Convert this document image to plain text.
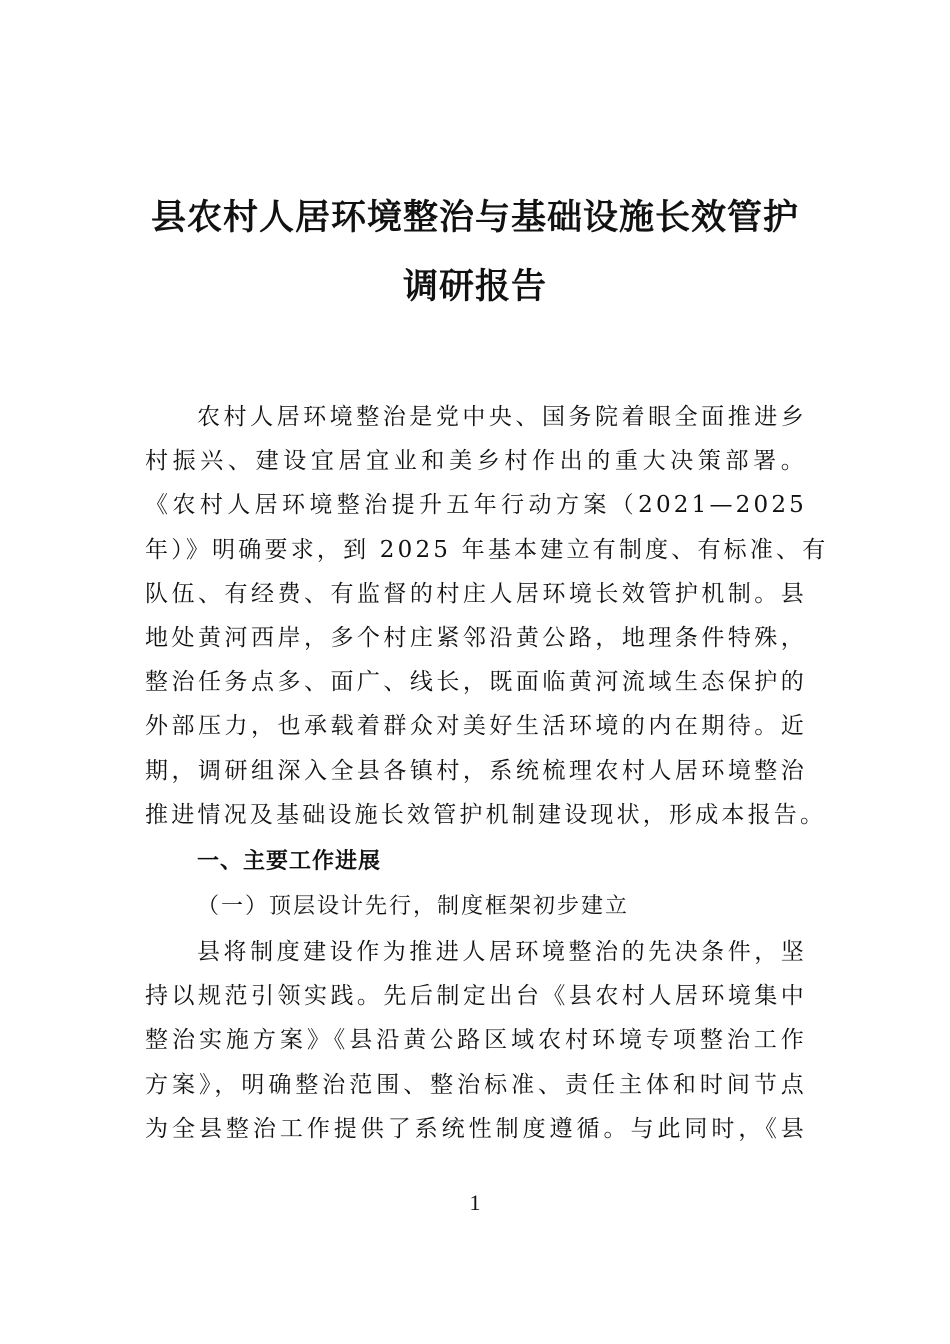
县农村人居环境整治与基础设施长效管护
调研报告
农村人居环境整治是党中央、国务院着眼全面推进乡
村振兴、建设宜居宜业和美乡村作出的重大决策部署。
《农村人居环境整治提升五年行动方案（2021—2025
年）》明确要求，到 2025 年基本建立有制度、有标准、有
队伍、有经费、有监督的村庄人居环境长效管护机制。县
地处黄河西岸，多个村庄紧邻沿黄公路，地理条件特殊，
整治任务点多、面广、线长，既面临黄河流域生态保护的
外部压力，也承载着群众对美好生活环境的内在期待。近
期，调研组深入全县各镇村，系统梳理农村人居环境整治
推进情况及基础设施长效管护机制建设现状，形成本报告。
一、主要工作进展
（一）顶层设计先行，制度框架初步建立
县将制度建设作为推进人居环境整治的先决条件，坚
持以规范引领实践。先后制定出台《县农村人居环境集中
整治实施方案》《县沿黄公路区域农村环境专项整治工作
方案》，明确整治范围、整治标准、责任主体和时间节点
为全县整治工作提供了系统性制度遵循。与此同时，《县
1
